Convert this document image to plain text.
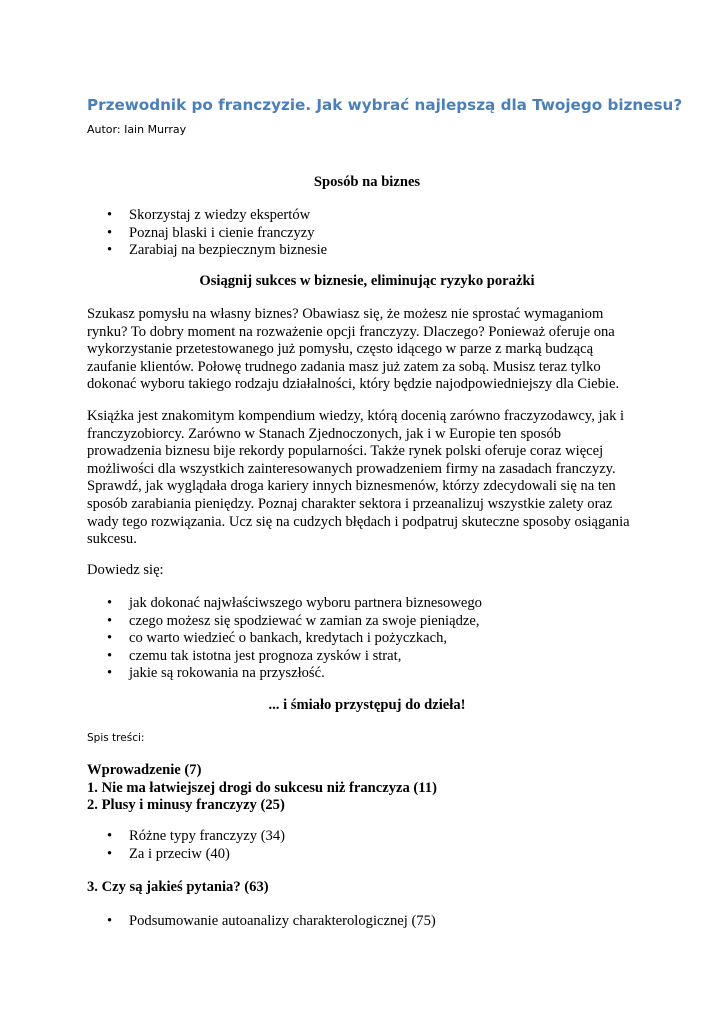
Przewodnik po franczyzie. Jak wybrać najlepszą dla Twojego biznesu?
Autor: Iain Murray
Sposób na biznes
• Skorzystaj z wiedzy ekspertów
• Poznaj blaski i cienie franczyzy
• Zarabiaj na bezpiecznym biznesie
Osiągnij sukces w biznesie, eliminując ryzyko porażki
Szukasz pomysłu na własny biznes? Obawiasz się, że możesz nie sprostać wymaganiom
rynku? To dobry moment na rozważenie opcji franczyzy. Dlaczego? Ponieważ oferuje ona
wykorzystanie przetestowanego już pomysłu, często idącego w parze z marką budzącą
zaufanie klientów. Połowę trudnego zadania masz już zatem za sobą. Musisz teraz tylko
dokonać wyboru takiego rodzaju działalności, który będzie najodpowiedniejszy dla Ciebie.
Książka jest znakomitym kompendium wiedzy, którą docenią zarówno fraczyzodawcy, jak i
franczyzobiorcy. Zarówno w Stanach Zjednoczonych, jak i w Europie ten sposób
prowadzenia biznesu bije rekordy popularności. Także rynek polski oferuje coraz więcej
możliwości dla wszystkich zainteresowanych prowadzeniem firmy na zasadach franczyzy.
Sprawdź, jak wyglądała droga kariery innych biznesmenów, którzy zdecydowali się na ten
sposób zarabiania pieniędzy. Poznaj charakter sektora i przeanalizuj wszystkie zalety oraz
wady tego rozwiązania. Ucz się na cudzych błędach i podpatruj skuteczne sposoby osiągania
sukcesu.
Dowiedz się:
• jak dokonać najwłaściwszego wyboru partnera biznesowego
• czego możesz się spodziewać w zamian za swoje pieniądze,
• co warto wiedzieć o bankach, kredytach i pożyczkach,
• czemu tak istotna jest prognoza zysków i strat,
• jakie są rokowania na przyszłość.
... i śmiało przystępuj do dzieła!
Spis treści:
Wprowadzenie (7)
1. Nie ma łatwiejszej drogi do sukcesu niż franczyza (11)
2. Plusy i minusy franczyzy (25)
• Różne typy franczyzy (34)
• Za i przeciw (40)
3. Czy są jakieś pytania? (63)
• Podsumowanie autoanalizy charakterologicznej (75)
